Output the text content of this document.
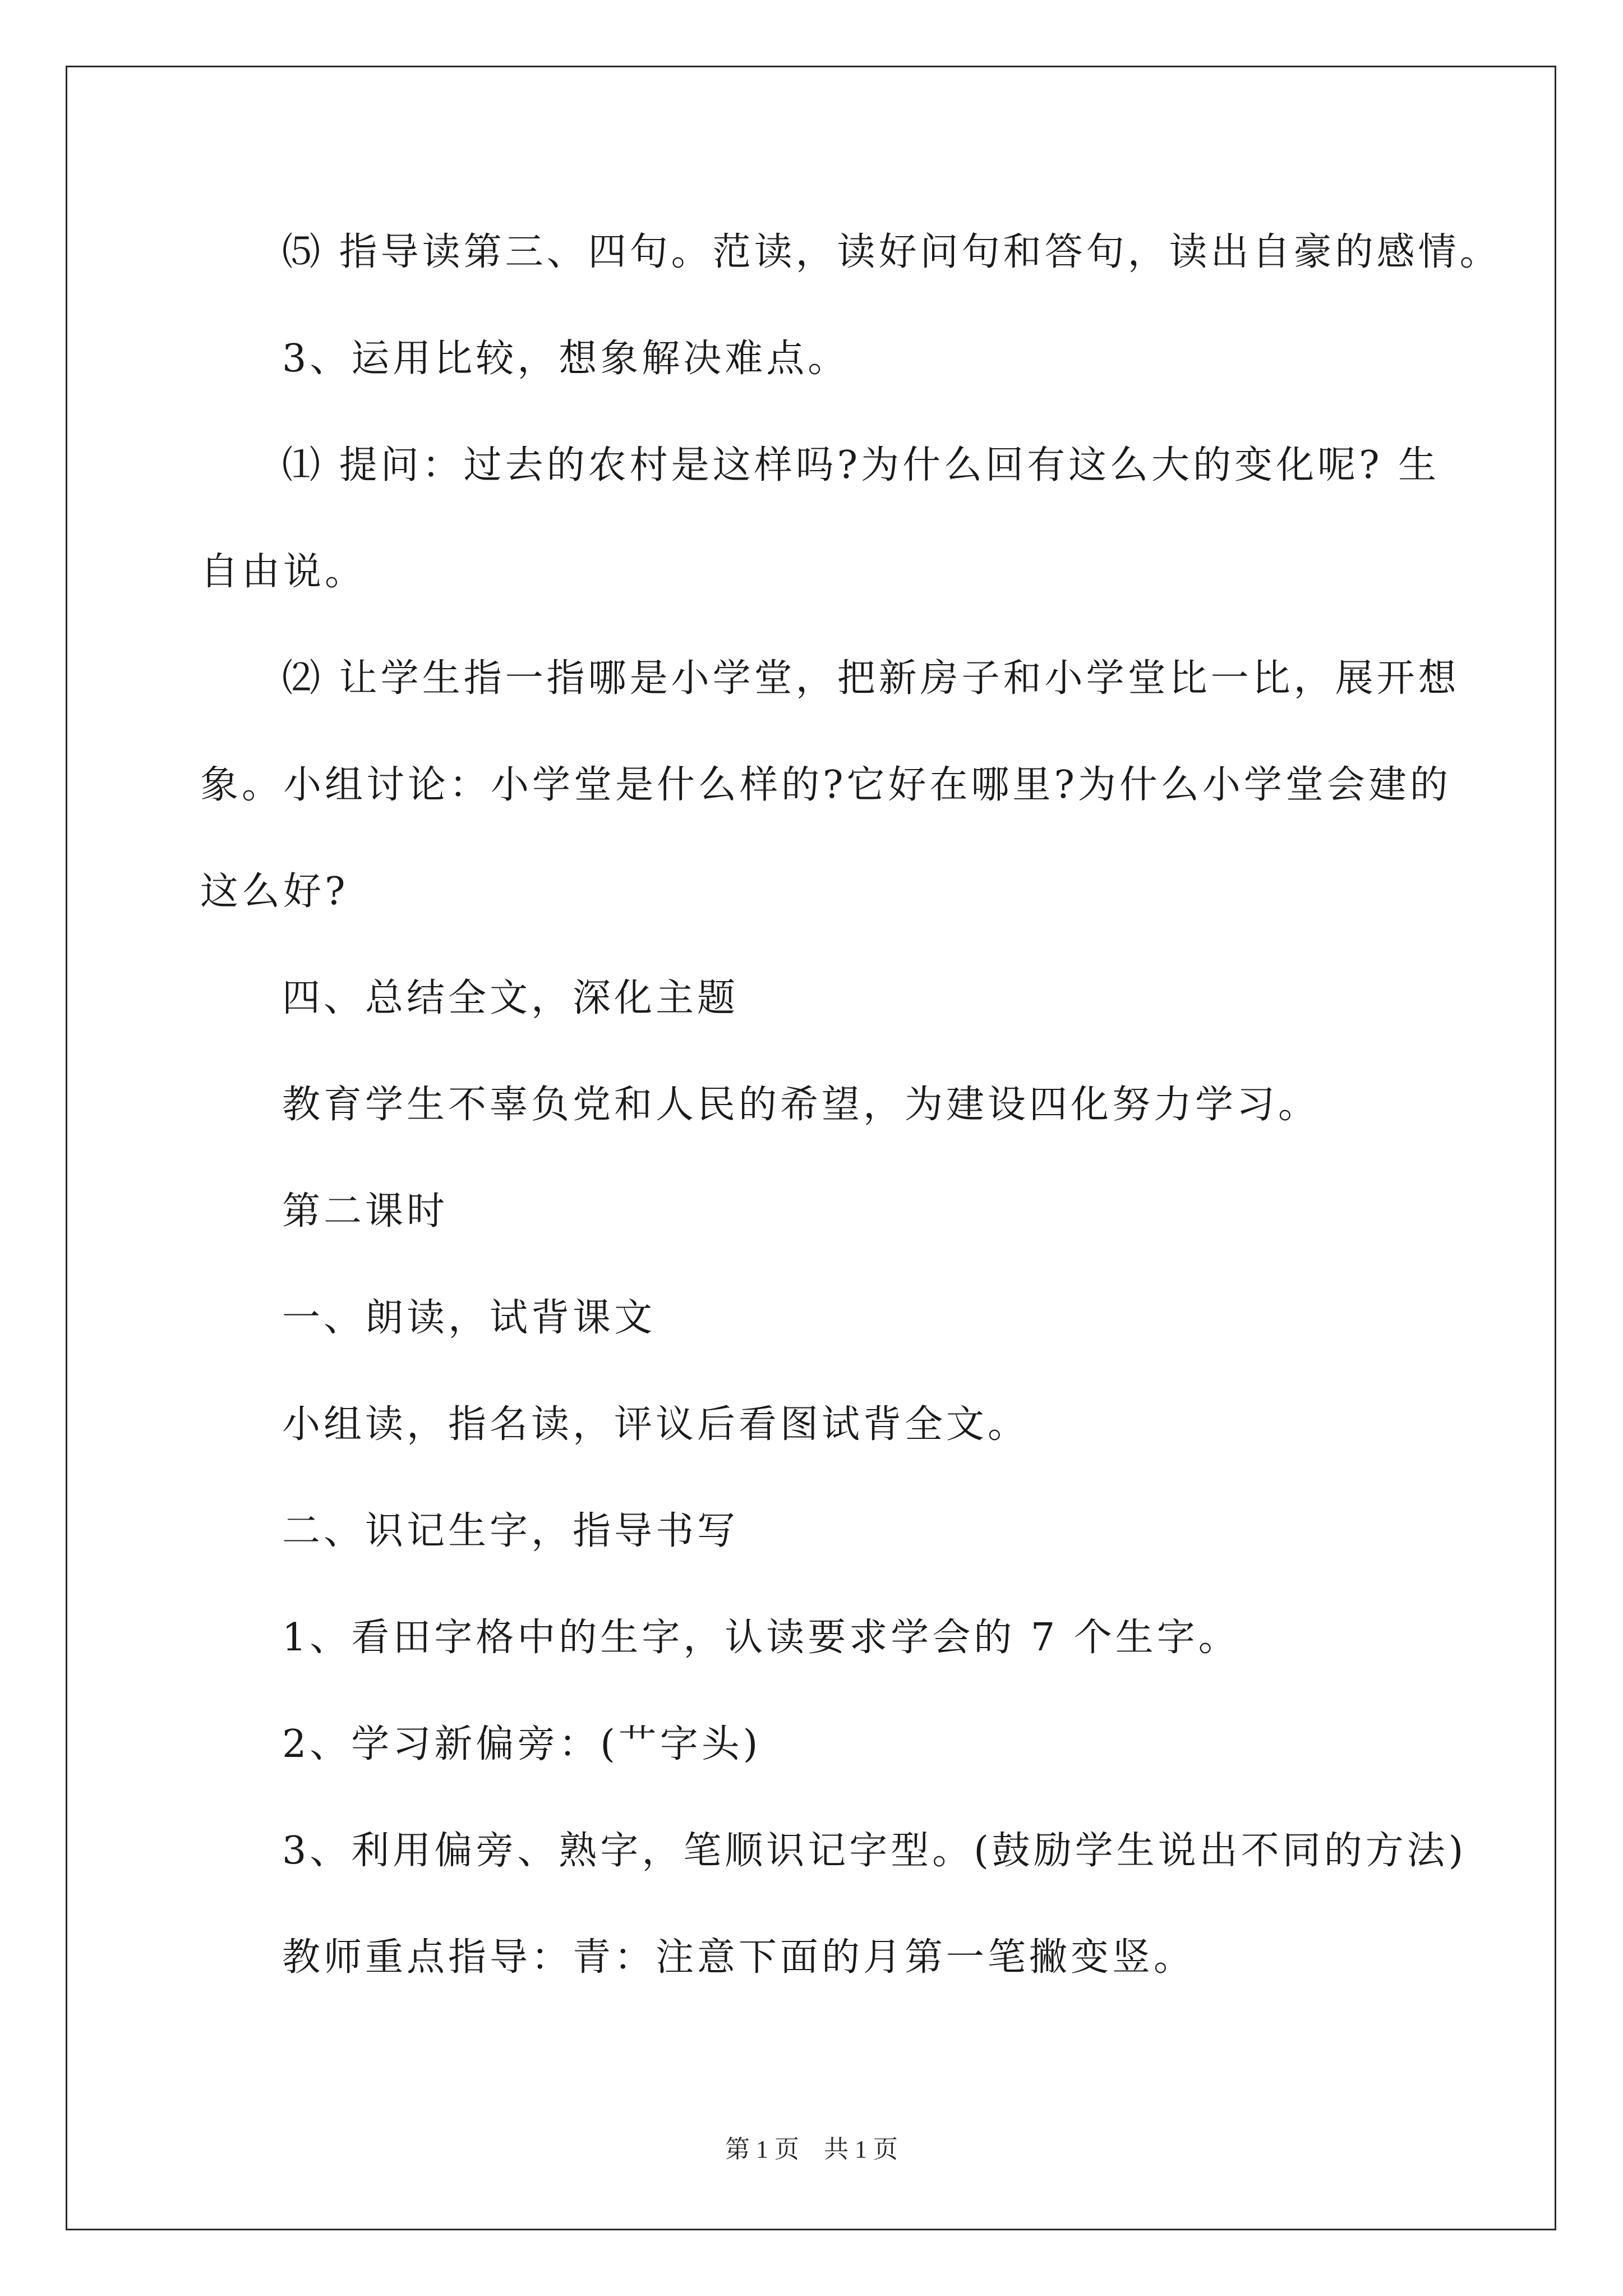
⑸ 指导读第三、四句。范读，读好问句和答句，读出自豪的感情。
3、运用比较，想象解决难点。
⑴ 提问：过去的农村是这样吗?为什么回有这么大的变化呢? 生
自由说。
⑵ 让学生指一指哪是小学堂，把新房子和小学堂比一比，展开想
象。小组讨论：小学堂是什么样的?它好在哪里?为什么小学堂会建的
这么好?
四、总结全文，深化主题
教育学生不辜负党和人民的希望，为建设四化努力学习。
第二课时
一、朗读，试背课文
小组读，指名读，评议后看图试背全文。
二、识记生字，指导书写
1、看田字格中的生字，认读要求学会的 7 个生字。
2、学习新偏旁：(艹字头)
3、利用偏旁、熟字，笔顺识记字型。(鼓励学生说出不同的方法)
教师重点指导：青：注意下面的月第一笔撇变竖。
第 1 页　共 1 页
